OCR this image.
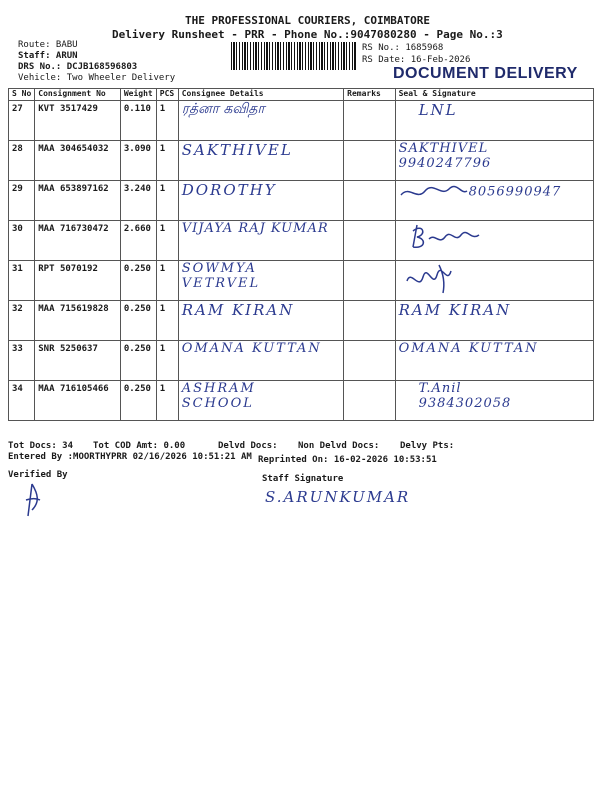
THE PROFESSIONAL COURIERS, COIMBATORE
Delivery Runsheet - PRR - Phone No.:9047080280 - Page No.:3
Route: BABU
Staff: ARUN
DRS No.: DCJB168596803
Vehicle: Two Wheeler Delivery
RS No.: 1685968
RS Date: 16-Feb-2026
DOCUMENT DELIVERY
S No	Consignment No	Weight	PCS	Consignee Details	Remarks	Seal & Signature
27	KVT 3517429	0.110	1	ரத்னா கவிதா		LNL
28	MAA 304654032	3.090	1	SAKTHIVEL		SAKTHIVEL 9940247796

29	MAA 653897162	3.240	1	DOROTHY		8056990947
30	MAA 716730472	2.660	1	VIJAYA RAJ KUMAR		
31	RPT 5070192	0.250	1	SOWMYA VETRVEL

32	MAA 715619828	0.250	1	RAM KIRAN		RAM KIRAN
33	SNR 5250637	0.250	1	OMANA KUTTAN		OMANA KUTTAN
34	MAA 716105466	0.250	1	ASHRAM SCHOOL		T.Anil 9384302058
Tot Docs: 34 Tot COD Amt: 0.00	Delvd Docs: Non Delvd Docs: Delvy Pts:
Entered By :MOORTHYPRR 02/16/2026 10:51:21 AM Reprinted On: 16-02-2026 10:53:51
Verified By	Staff Signature
S.ARUNKUMAR
